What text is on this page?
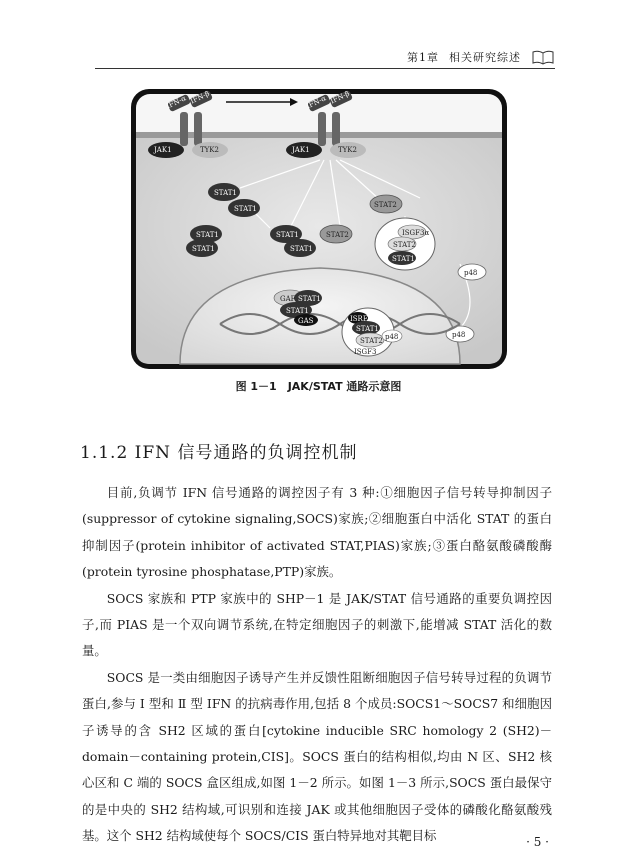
第1章 相关研究综述
IFN-α IFN-β
JAK1	TYK2
IFN-α IFN-β
JAK1	TYK2
STAT1
STAT1
STAT1
STAT1
STAT1
STAT1
STAT2
STAT2
ISGF3α
STAT2
STAT1
p48
p48
GAF STAT1
STAT1
GAS	ISRE
STAT1
STAT2 p48
ISGF3
图 1－1　JAK/STAT 通路示意图
1.1.2 IFN 信号通路的负调控机制

目前,负调节 IFN 信号通路的调控因子有 3 种:①细胞因子信号转导抑制因子(suppressor of cytokine signaling,SOCS)家族;②细胞蛋白中活化 STAT 的蛋白抑制因子(protein inhibitor of activated STAT,PIAS)家族;③蛋白酪氨酸磷酸酶(protein tyrosine phosphatase,PTP)家族。

SOCS 家族和 PTP 家族中的 SHP－1 是 JAK/STAT 信号通路的重要负调控因子,而 PIAS 是一个双向调节系统,在特定细胞因子的刺激下,能增减 STAT 活化的数量。

SOCS 是一类由细胞因子诱导产生并反馈性阻断细胞因子信号转导过程的负调节蛋白,参与 Ⅰ 型和 Ⅱ 型 IFN 的抗病毒作用,包括 8 个成员:SOCS1～SOCS7 和细胞因子诱导的含 SH2 区域的蛋白[cytokine inducible SRC homology 2 (SH2)－domain－containing protein,CIS]。SOCS 蛋白的结构相似,均由 N 区、SH2 核心区和 C 端的 SOCS 盒区组成,如图 1－2 所示。如图 1－3 所示,SOCS 蛋白最保守的是中央的 SH2 结构域,可识别和连接 JAK 或其他细胞因子受体的磷酸化酪氨酸残基。这个 SH2 结构域使每个 SOCS/CIS 蛋白特异地对其靶目标	· 5 ·
